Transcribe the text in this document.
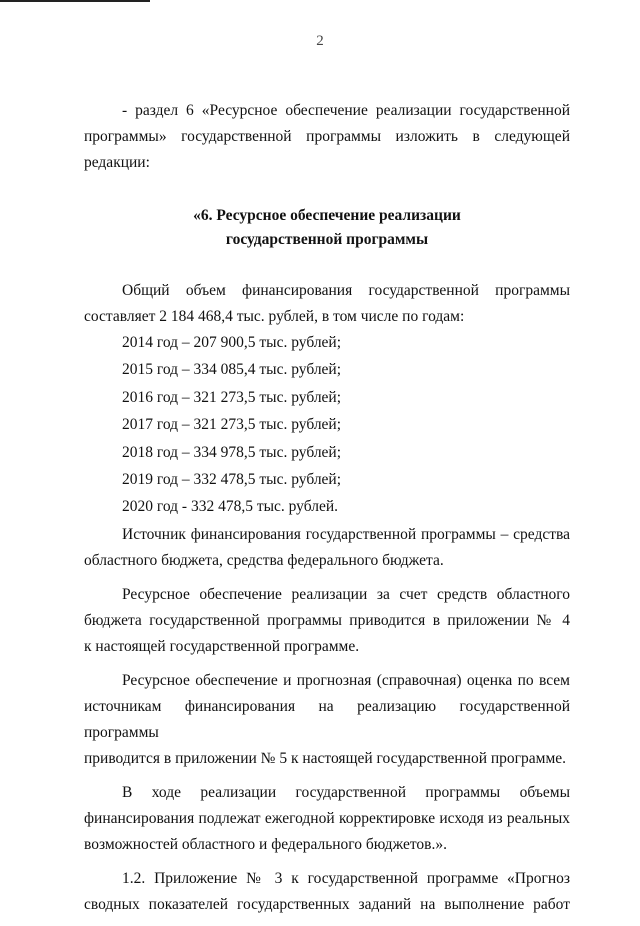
2
- раздел 6 «Ресурсное обеспечение реализации государственной
программы» государственной программы изложить в следующей
редакции:
«6. Ресурсное обеспечение реализации
государственной программы
Общий объем финансирования государственной программы
составляет 2 184 468,4 тыс. рублей, в том числе по годам:
2014 год – 207 900,5 тыс. рублей;
2015 год – 334 085,4 тыс. рублей;
2016 год – 321 273,5 тыс. рублей;
2017 год – 321 273,5 тыс. рублей;
2018 год – 334 978,5 тыс. рублей;
2019 год – 332 478,5 тыс. рублей;
2020 год - 332 478,5 тыс. рублей.
Источник финансирования государственной программы – средства
областного бюджета, средства федерального бюджета.
Ресурсное обеспечение реализации за счет средств областного
бюджета государственной программы приводится в приложении № 4
к настоящей государственной программе.
Ресурсное обеспечение и прогнозная (справочная) оценка по всем
источникам финансирования на реализацию государственной программы
приводится в приложении № 5 к настоящей государственной программе.
В ходе реализации государственной программы объемы
финансирования подлежат ежегодной корректировке исходя из реальных
возможностей областного и федерального бюджетов.».
1.2. Приложение № 3 к государственной программе «Прогноз
сводных показателей государственных заданий на выполнение работ
